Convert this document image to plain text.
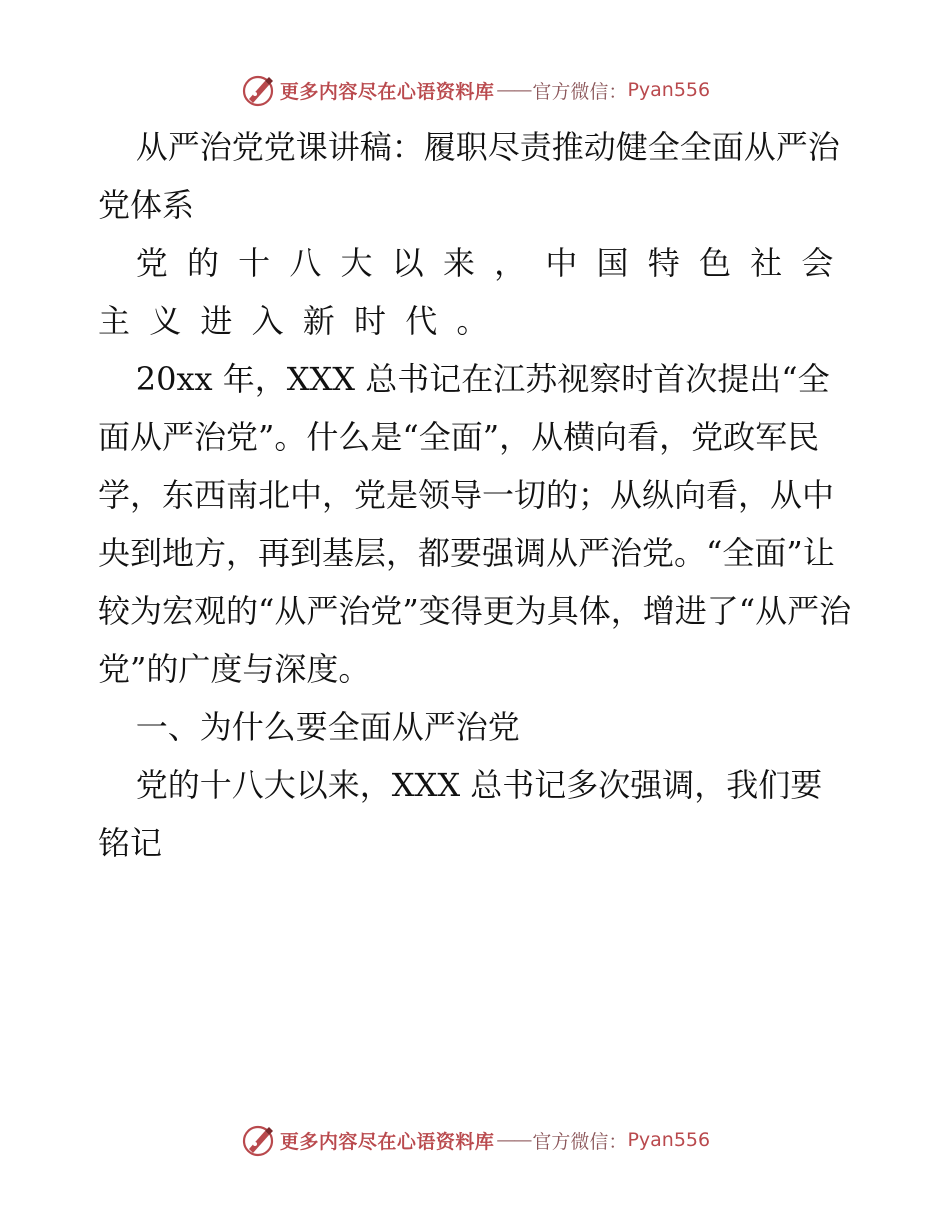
更多内容尽在心语资料库 —— 官方微信： Pyan556

从严治党党课讲稿：履职尽责推动健全全面从严治党体系

党的十八大以来，中国特色社会主义进入新时代。

20xx 年，XXX 总书记在江苏视察时首次提出“全面从严治党”。什么是“全面”，从横向看，党政军民学，东西南北中，党是领导一切的；从纵向看，从中央到地方，再到基层，都要强调从严治党。“全面”让较为宏观的“从严治党”变得更为具体，增进了“从严治党”的广度与深度。

一、为什么要全面从严治党

党的十八大以来，XXX 总书记多次强调，我们要铭记

更多内容尽在心语资料库 —— 官方微信： Pyan556
